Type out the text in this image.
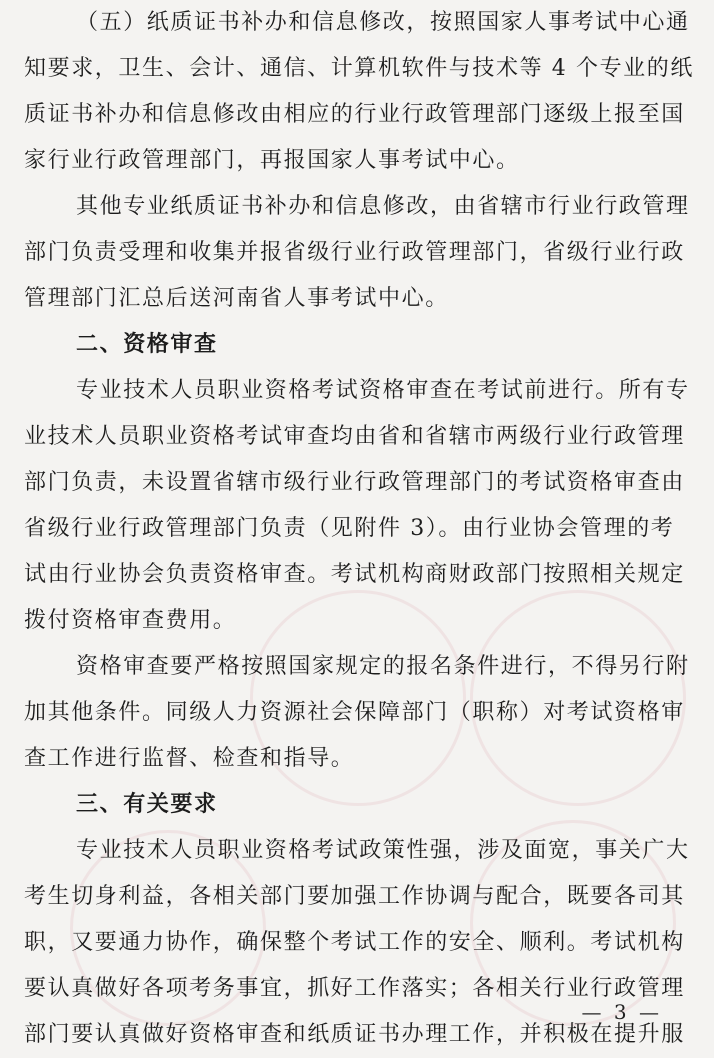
（五）纸质证书补办和信息修改，按照国家人事考试中心通
知要求，卫生、会计、通信、计算机软件与技术等 4 个专业的纸
质证书补办和信息修改由相应的行业行政管理部门逐级上报至国
家行业行政管理部门，再报国家人事考试中心。
其他专业纸质证书补办和信息修改，由省辖市行业行政管理
部门负责受理和收集并报省级行业行政管理部门，省级行业行政
管理部门汇总后送河南省人事考试中心。
二、资格审查
专业技术人员职业资格考试资格审查在考试前进行。所有专
业技术人员职业资格考试审查均由省和省辖市两级行业行政管理
部门负责，未设置省辖市级行业行政管理部门的考试资格审查由
省级行业行政管理部门负责（见附件 3）。由行业协会管理的考
试由行业协会负责资格审查。考试机构商财政部门按照相关规定
拨付资格审查费用。
资格审查要严格按照国家规定的报名条件进行，不得另行附
加其他条件。同级人力资源社会保障部门（职称）对考试资格审
查工作进行监督、检查和指导。
三、有关要求
专业技术人员职业资格考试政策性强，涉及面宽，事关广大
考生切身利益，各相关部门要加强工作协调与配合，既要各司其
职，又要通力协作，确保整个考试工作的安全、顺利。考试机构
要认真做好各项考务事宜，抓好工作落实；各相关行业行政管理
部门要认真做好资格审查和纸质证书办理工作，并积极在提升服

— 3 —
